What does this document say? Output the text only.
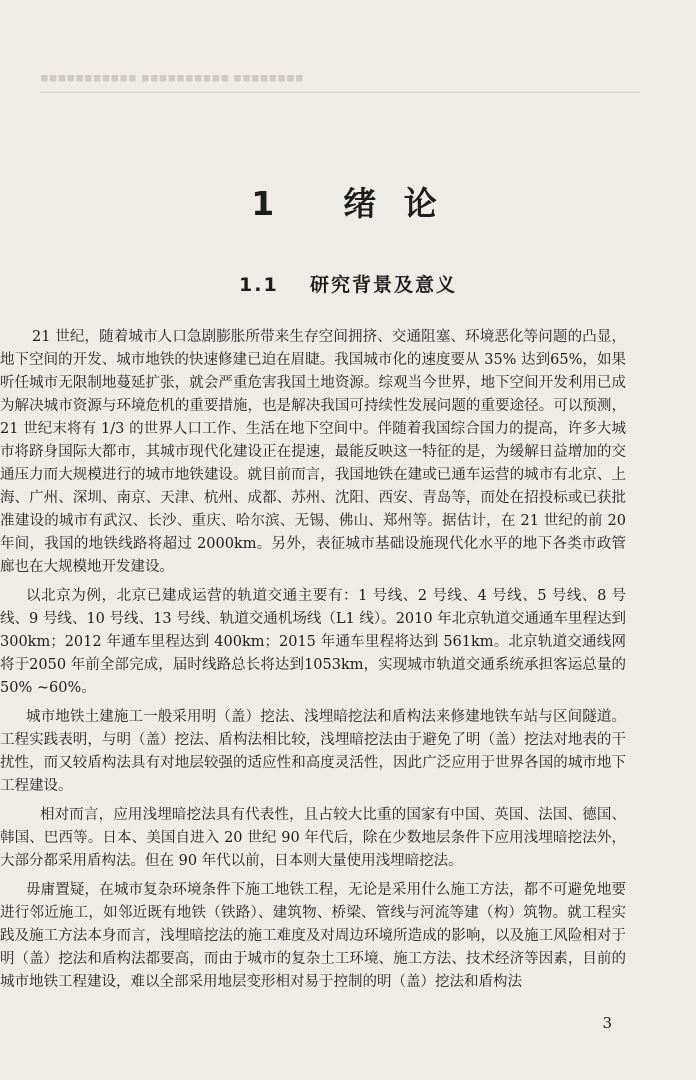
▪▪▪▪▪▪▪▪▪▪▪ ▪▪▪▪▪▪▪▪▪▪ ▪▪▪▪▪▪▪▪
1 绪 论
1.1 研究背景及意义

21 世纪，随着城市人口急剧膨胀所带来生存空间拥挤、交通阻塞、环境恶化等问题的凸显，地下空间的开发、城市地铁的快速修建已迫在眉睫。我国城市化的速度要从 35% 达到65%，如果听任城市无限制地蔓延扩张，就会严重危害我国土地资源。综观当今世界，地下空间开发利用已成为解决城市资源与环境危机的重要措施，也是解决我国可持续性发展问题的重要途径。可以预测，21 世纪末将有 1/3 的世界人口工作、生活在地下空间中。伴随着我国综合国力的提高，许多大城市将跻身国际大都市，其城市现代化建设正在提速，最能反映这一特征的是，为缓解日益增加的交通压力而大规模进行的城市地铁建设。就目前而言，我国地铁在建或已通车运营的城市有北京、上海、广州、深圳、南京、天津、杭州、成都、苏州、沈阳、西安、青岛等，而处在招投标或已获批准建设的城市有武汉、长沙、重庆、哈尔滨、无锡、佛山、郑州等。据估计，在 21 世纪的前 20 年间，我国的地铁线路将超过 2000km。另外，表征城市基础设施现代化水平的地下各类市政管廊也在大规模地开发建设。

以北京为例，北京已建成运营的轨道交通主要有：1 号线、2 号线、4 号线、5 号线、8 号线、9 号线、10 号线、13 号线、轨道交通机场线（L1 线）。2010 年北京轨道交通通车里程达到300km；2012 年通车里程达到 400km；2015 年通车里程将达到 561km。北京轨道交通线网将于2050 年前全部完成，届时线路总长将达到1053km，实现城市轨道交通系统承担客运总量的50% ~60%。

城市地铁土建施工一般采用明（盖）挖法、浅埋暗挖法和盾构法来修建地铁车站与区间隧道。工程实践表明，与明（盖）挖法、盾构法相比较，浅埋暗挖法由于避免了明（盖）挖法对地表的干扰性，而又较盾构法具有对地层较强的适应性和高度灵活性，因此广泛应用于世界各国的城市地下工程建设。

相对而言，应用浅埋暗挖法具有代表性，且占较大比重的国家有中国、英国、法国、德国、韩国、巴西等。日本、美国自进入 20 世纪 90 年代后，除在少数地层条件下应用浅埋暗挖法外，大部分都采用盾构法。但在 90 年代以前，日本则大量使用浅埋暗挖法。

毋庸置疑，在城市复杂环境条件下施工地铁工程，无论是采用什么施工方法，都不可避免地要进行邻近施工，如邻近既有地铁（铁路）、建筑物、桥梁、管线与河流等建（构）筑物。就工程实践及施工方法本身而言，浅埋暗挖法的施工难度及对周边环境所造成的影响，以及施工风险相对于明（盖）挖法和盾构法都要高，而由于城市的复杂土工环境、施工方法、技术经济等因素，目前的城市地铁工程建设，难以全部采用地层变形相对易于控制的明（盖）挖法和盾构法

3
